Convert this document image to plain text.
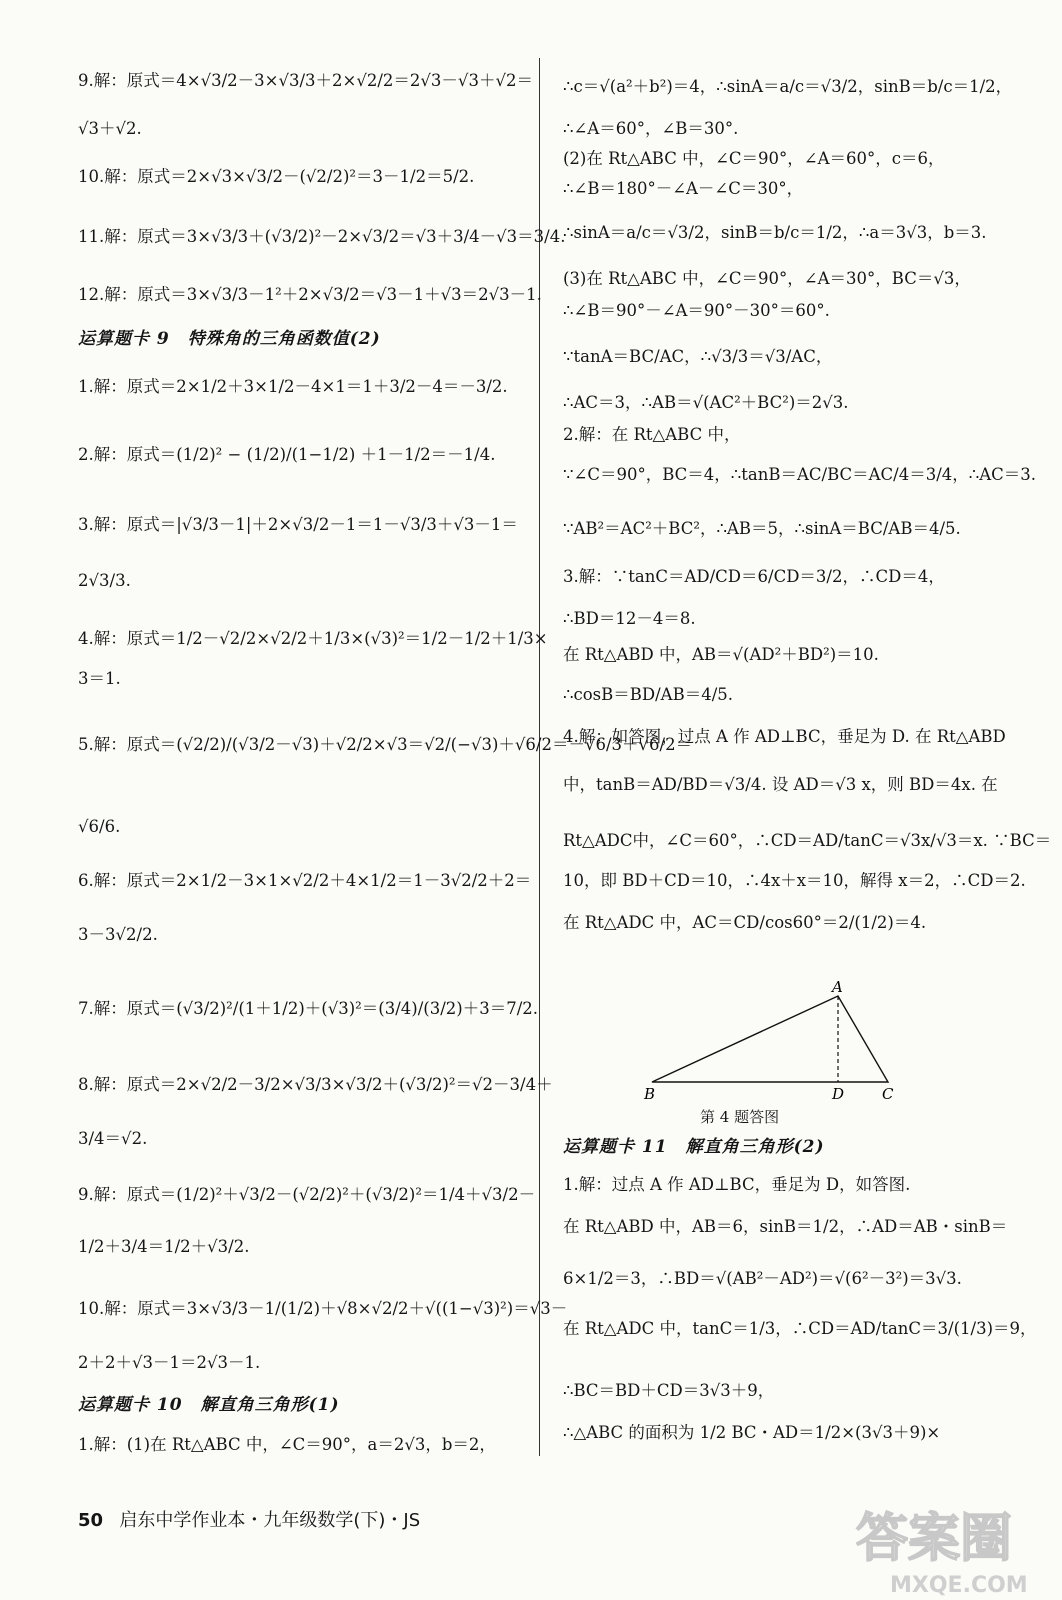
9.解：原式＝4×√3/2－3×√3/3＋2×√2/2＝2√3－√3＋√2＝
√3＋√2.
10.解：原式＝2×√3×√3/2－(√2/2)²＝3－1/2＝5/2.
11.解：原式＝3×√3/3＋(√3/2)²－2×√3/2＝√3＋3/4－√3＝3/4.
12.解：原式＝3×√3/3－1²＋2×√3/2＝√3－1＋√3＝2√3－1.
运算题卡 9　特殊角的三角函数值(2)
1.解：原式＝2×1/2＋3×1/2－4×1＝1＋3/2－4＝－3/2.
2.解：原式＝(1/2)² − (1/2)/(1−1/2) ＋1－1/2＝－1/4.
3.解：原式＝|√3/3－1|＋2×√3/2－1＝1－√3/3＋√3－1＝
2√3/3.
4.解：原式＝1/2－√2/2×√2/2＋1/3×(√3)²＝1/2－1/2＋1/3×
3＝1.
5.解：原式＝(√2/2)/(√3/2－√3)＋√2/2×√3＝√2/(−√3)＋√6/2＝－√6/3＋√6/2＝
√6/6.
6.解：原式＝2×1/2－3×1×√2/2＋4×1/2＝1－3√2/2＋2＝
3－3√2/2.
7.解：原式＝(√3/2)²/(1＋1/2)＋(√3)²＝(3/4)/(3/2)＋3＝7/2.
8.解：原式＝2×√2/2－3/2×√3/3×√3/2＋(√3/2)²＝√2－3/4＋
3/4＝√2.
9.解：原式＝(1/2)²＋√3/2－(√2/2)²＋(√3/2)²＝1/4＋√3/2－
1/2＋3/4＝1/2＋√3/2.
10.解：原式＝3×√3/3－1/(1/2)＋√8×√2/2＋√((1−√3)²)＝√3－
2＋2＋√3－1＝2√3－1.
运算题卡 10　解直角三角形(1)
1.解：(1)在 Rt△ABC 中，∠C＝90°，a＝2√3，b＝2，
∴c＝√(a²＋b²)＝4，∴sinA＝a/c＝√3/2，sinB＝b/c＝1/2，
∴∠A＝60°，∠B＝30°.
(2)在 Rt△ABC 中，∠C＝90°，∠A＝60°，c＝6，
∴∠B＝180°－∠A－∠C＝30°，
∴sinA＝a/c＝√3/2，sinB＝b/c＝1/2，∴a＝3√3，b＝3.
(3)在 Rt△ABC 中，∠C＝90°，∠A＝30°，BC＝√3，
∴∠B＝90°－∠A＝90°－30°＝60°.
∵tanA＝BC/AC，∴√3/3＝√3/AC，
∴AC＝3，∴AB＝√(AC²＋BC²)＝2√3.
2.解：在 Rt△ABC 中，
∵∠C＝90°，BC＝4，∴tanB＝AC/BC＝AC/4＝3/4，∴AC＝3.
∵AB²＝AC²＋BC²，∴AB＝5，∴sinA＝BC/AB＝4/5.
3.解：∵tanC＝AD/CD＝6/CD＝3/2，∴CD＝4，
∴BD＝12－4＝8.
在 Rt△ABD 中，AB＝√(AD²＋BD²)＝10.
∴cosB＝BD/AB＝4/5.
4.解：如答图，过点 A 作 AD⊥BC，垂足为 D. 在 Rt△ABD
中，tanB＝AD/BD＝√3/4. 设 AD＝√3 x，则 BD＝4x. 在
Rt△ADC中，∠C＝60°，∴CD＝AD/tanC＝√3x/√3＝x. ∵BC＝
10，即 BD＋CD＝10，∴4x＋x＝10，解得 x＝2，∴CD＝2.
在 Rt△ADC 中，AC＝CD/cos60°＝2/(1/2)＝4.
运算题卡 11　解直角三角形(2)
1.解：过点 A 作 AD⊥BC，垂足为 D，如答图.
在 Rt△ABD 中，AB＝6，sinB＝1/2，∴AD＝AB・sinB＝
6×1/2＝3，∴BD＝√(AB²－AD²)＝√(6²－3²)＝3√3.
在 Rt△ADC 中，tanC＝1/3，∴CD＝AD/tanC＝3/(1/3)＝9，
∴BC＝BD＋CD＝3√3＋9，
∴△ABC 的面积为 1/2 BC・AD＝1/2×(3√3＋9)×
A
B	D	C
第 4 题答图
50 启东中学作业本・九年级数学(下)・JS	答案圈
MXQE.COM
